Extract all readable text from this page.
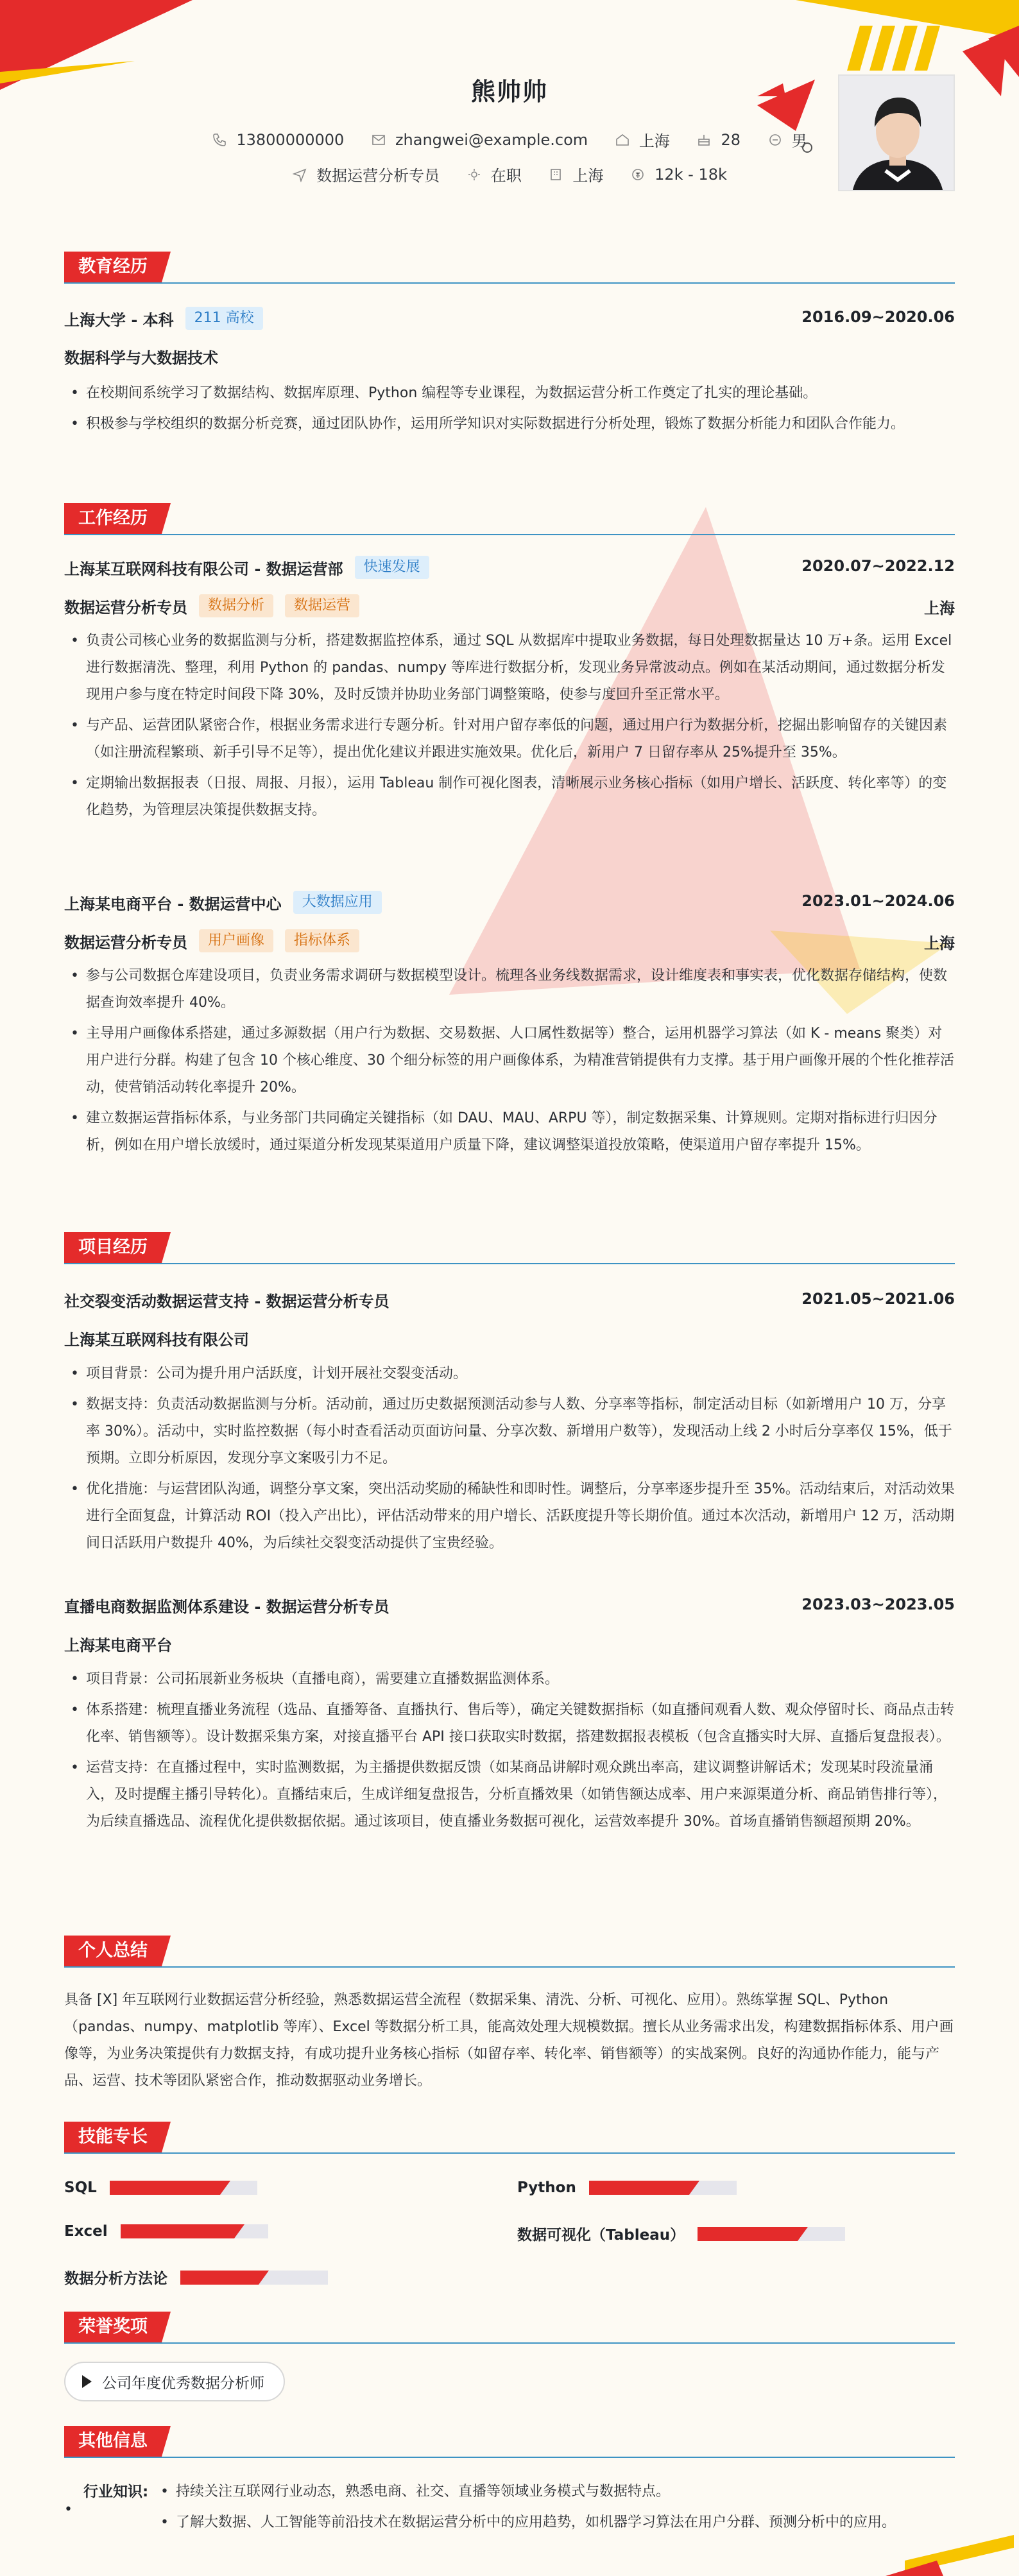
熊帅帅
13800000000
	zhangwei@example.com
	上海
	28
	男
数据运营分析专员
	在职
	上海
	12k - 18k
教育经历
上海大学 - 本科	211 高校	2016.09~2020.06
数据科学与大数据技术
• 在校期间系统学习了数据结构、数据库原理、Python 编程等专业课程，为数据运营分析工作奠定了扎实的理论基础。
• 积极参与学校组织的数据分析竞赛，通过团队协作，运用所学知识对实际数据进行分析处理，锻炼了数据分析能力和团队合作能力。
工作经历
上海某互联网科技有限公司 - 数据运营部	快速发展	2020.07~2022.12
数据运营分析专员	数据分析	数据运营	上海
• 负责公司核心业务的数据监测与分析，搭建数据监控体系，通过 SQL 从数据库中提取业务数据，每日处理数据量达 10 万+条。运用 Excel 进行数据清洗、整理，利用 Python 的 pandas、numpy 等库进行数据分析，发现业务异常波动点。例如在某活动期间，通过数据分析发现用户参与度在特定时间段下降 30%，及时反馈并协助业务部门调整策略，使参与度回升至正常水平。
• 与产品、运营团队紧密合作，根据业务需求进行专题分析。针对用户留存率低的问题，通过用户行为数据分析，挖掘出影响留存的关键因素（如注册流程繁琐、新手引导不足等），提出优化建议并跟进实施效果。优化后，新用户 7 日留存率从 25%提升至 35%。
• 定期输出数据报表（日报、周报、月报），运用 Tableau 制作可视化图表，清晰展示业务核心指标（如用户增长、活跃度、转化率等）的变化趋势，为管理层决策提供数据支持。
上海某电商平台 - 数据运营中心	大数据应用	2023.01~2024.06
数据运营分析专员	用户画像	指标体系	上海
• 参与公司数据仓库建设项目，负责业务需求调研与数据模型设计。梳理各业务线数据需求，设计维度表和事实表，优化数据存储结构，使数据查询效率提升 40%。
• 主导用户画像体系搭建，通过多源数据（用户行为数据、交易数据、人口属性数据等）整合，运用机器学习算法（如 K - means 聚类）对用户进行分群。构建了包含 10 个核心维度、30 个细分标签的用户画像体系，为精准营销提供有力支撑。基于用户画像开展的个性化推荐活动，使营销活动转化率提升 20%。
• 建立数据运营指标体系，与业务部门共同确定关键指标（如 DAU、MAU、ARPU 等），制定数据采集、计算规则。定期对指标进行归因分析，例如在用户增长放缓时，通过渠道分析发现某渠道用户质量下降，建议调整渠道投放策略，使渠道用户留存率提升 15%。
项目经历
社交裂变活动数据运营支持 - 数据运营分析专员	2021.05~2021.06
上海某互联网科技有限公司
• 项目背景：公司为提升用户活跃度，计划开展社交裂变活动。
• 数据支持：负责活动数据监测与分析。活动前，通过历史数据预测活动参与人数、分享率等指标，制定活动目标（如新增用户 10 万，分享率 30%）。活动中，实时监控数据（每小时查看活动页面访问量、分享次数、新增用户数等），发现活动上线 2 小时后分享率仅 15%，低于预期。立即分析原因，发现分享文案吸引力不足。
• 优化措施：与运营团队沟通，调整分享文案，突出活动奖励的稀缺性和即时性。调整后，分享率逐步提升至 35%。活动结束后，对活动效果进行全面复盘，计算活动 ROI（投入产出比），评估活动带来的用户增长、活跃度提升等长期价值。通过本次活动，新增用户 12 万，活动期间日活跃用户数提升 40%，为后续社交裂变活动提供了宝贵经验。
直播电商数据监测体系建设 - 数据运营分析专员	2023.03~2023.05
上海某电商平台
• 项目背景：公司拓展新业务板块（直播电商），需要建立直播数据监测体系。
• 体系搭建：梳理直播业务流程（选品、直播筹备、直播执行、售后等），确定关键数据指标（如直播间观看人数、观众停留时长、商品点击转化率、销售额等）。设计数据采集方案，对接直播平台 API 接口获取实时数据，搭建数据报表模板（包含直播实时大屏、直播后复盘报表）。
• 运营支持：在直播过程中，实时监测数据，为主播提供数据反馈（如某商品讲解时观众跳出率高，建议调整讲解话术；发现某时段流量涌入，及时提醒主播引导转化）。直播结束后，生成详细复盘报告，分析直播效果（如销售额达成率、用户来源渠道分析、商品销售排行等），为后续直播选品、流程优化提供数据依据。通过该项目，使直播业务数据可视化，运营效率提升 30%。首场直播销售额超预期 20%。
个人总结
具备 [X] 年互联网行业数据运营分析经验，熟悉数据运营全流程（数据采集、清洗、分析、可视化、应用）。熟练掌握 SQL、Python（pandas、numpy、matplotlib 等库）、Excel 等数据分析工具，能高效处理大规模数据。擅长从业务需求出发，构建数据指标体系、用户画像等，为业务决策提供有力数据支持，有成功提升业务核心指标（如留存率、转化率、销售额等）的实战案例。良好的沟通协作能力，能与产品、运营、技术等团队紧密合作，推动数据驱动业务增长。
技能专长
SQL	Python
Excel	数据可视化（Tableau）
数据分析方法论
荣誉奖项
公司年度优秀数据分析师
其他信息
行业知识:
•
• 持续关注互联网行业动态，熟悉电商、社交、直播等领域业务模式与数据特点。
• 了解大数据、人工智能等前沿技术在数据运营分析中的应用趋势，如机器学习算法在用户分群、预测分析中的应用。
